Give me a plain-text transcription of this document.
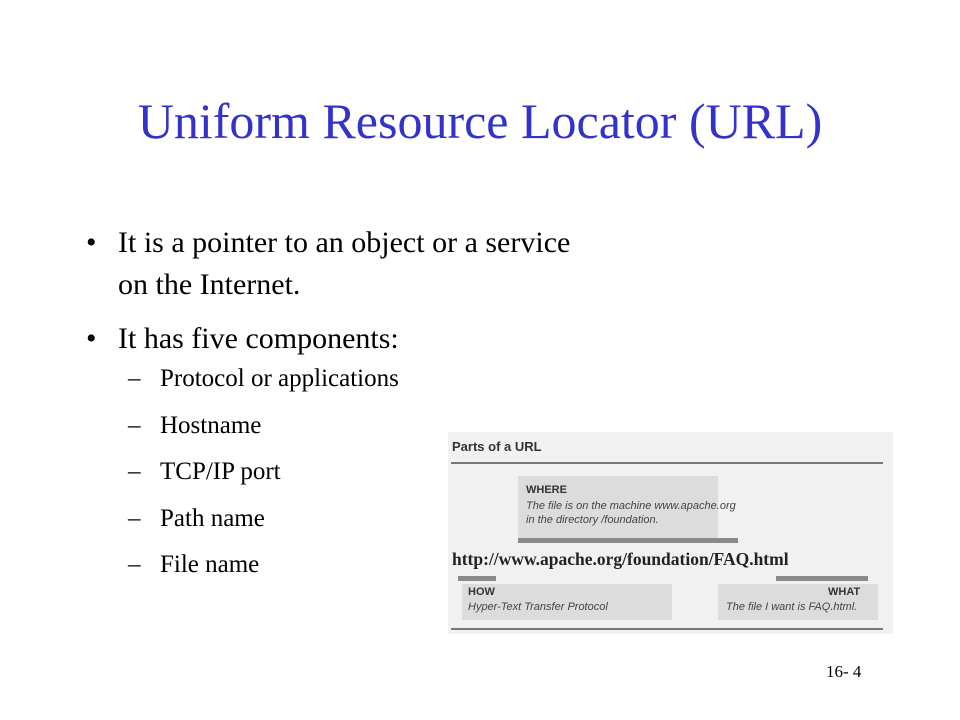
Uniform Resource Locator (URL)
• It is a pointer to an object or a service on the Internet.
• It has five components:
– Protocol or applications
– Hostname
– TCP/IP port
– Path name
– File name
Parts of a URL
WHERE
The file is on the machine www.apache.org
in the directory /foundation.
http://www.apache.org/foundation/FAQ.html
HOW
Hyper-Text Transfer Protocol
WHAT
The file I want is FAQ.html.
16- 4
